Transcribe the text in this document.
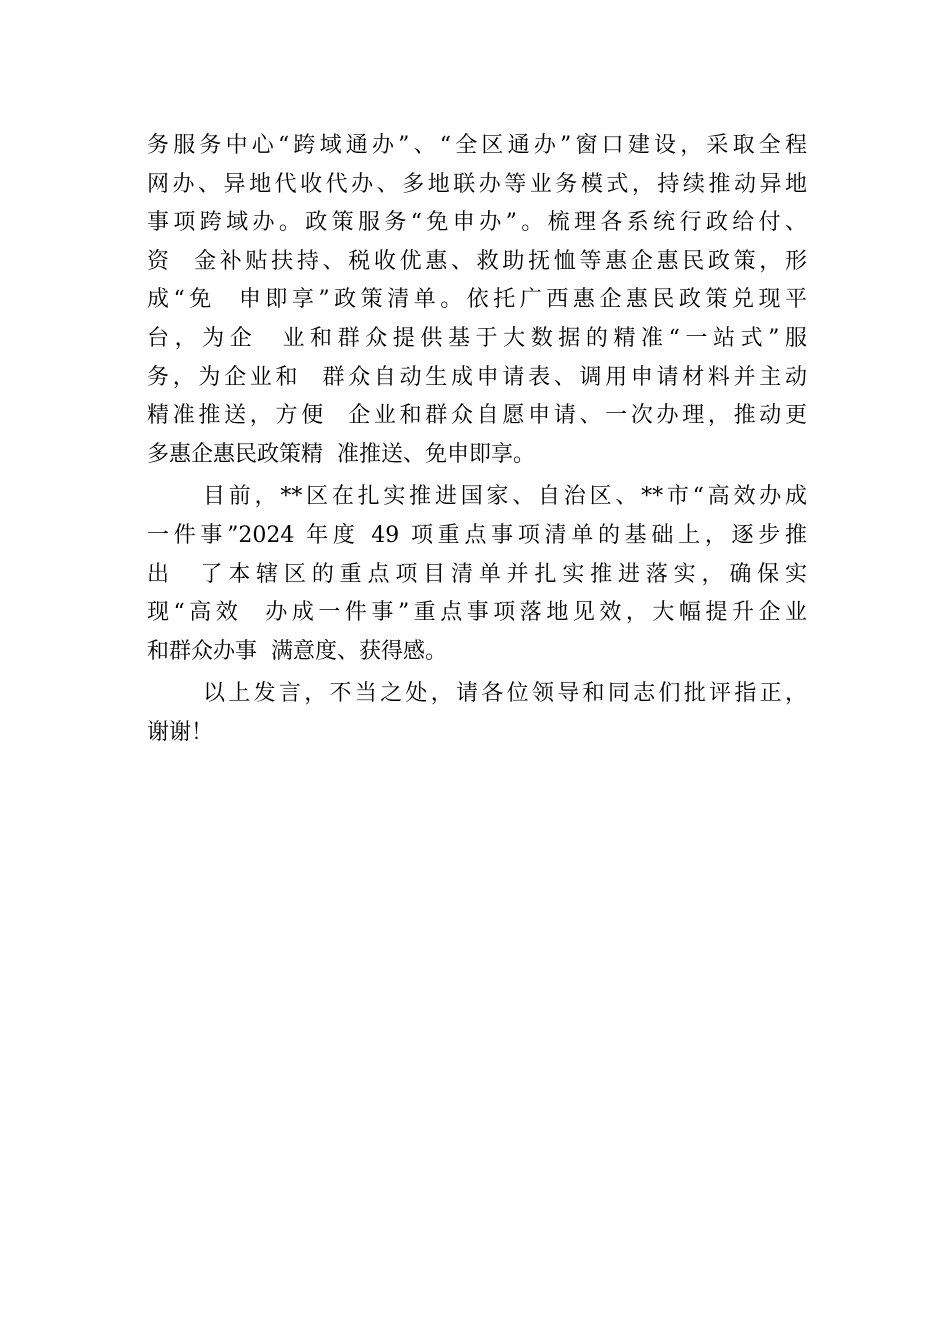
务服务中心“跨域通办”、“全区通办”窗口建设，采取全程
网办、异地代收代办、多地联办等业务模式，持续推动异地
事项跨域办。政策服务“免申办”。梳理各系统行政给付、
资  金补贴扶持、税收优惠、救助抚恤等惠企惠民政策，形
成“免  申即享”政策清单。依托广西惠企惠民政策兑现平
台，为企  业和群众提供基于大数据的精准“一站式”服
务，为企业和  群众自动生成申请表、调用申请材料并主动
精准推送，方便  企业和群众自愿申请、一次办理，推动更
多惠企惠民政策精  准推送、免申即享。
目前，**区在扎实推进国家、自治区、**市“高效办成
一件事”2024 年度 49 项重点事项清单的基础上，逐步推
出  了本辖区的重点项目清单并扎实推进落实，确保实
现“高效  办成一件事”重点事项落地见效，大幅提升企业
和群众办事  满意度、获得感。
以上发言，不当之处，请各位领导和同志们批评指正，
谢谢！
